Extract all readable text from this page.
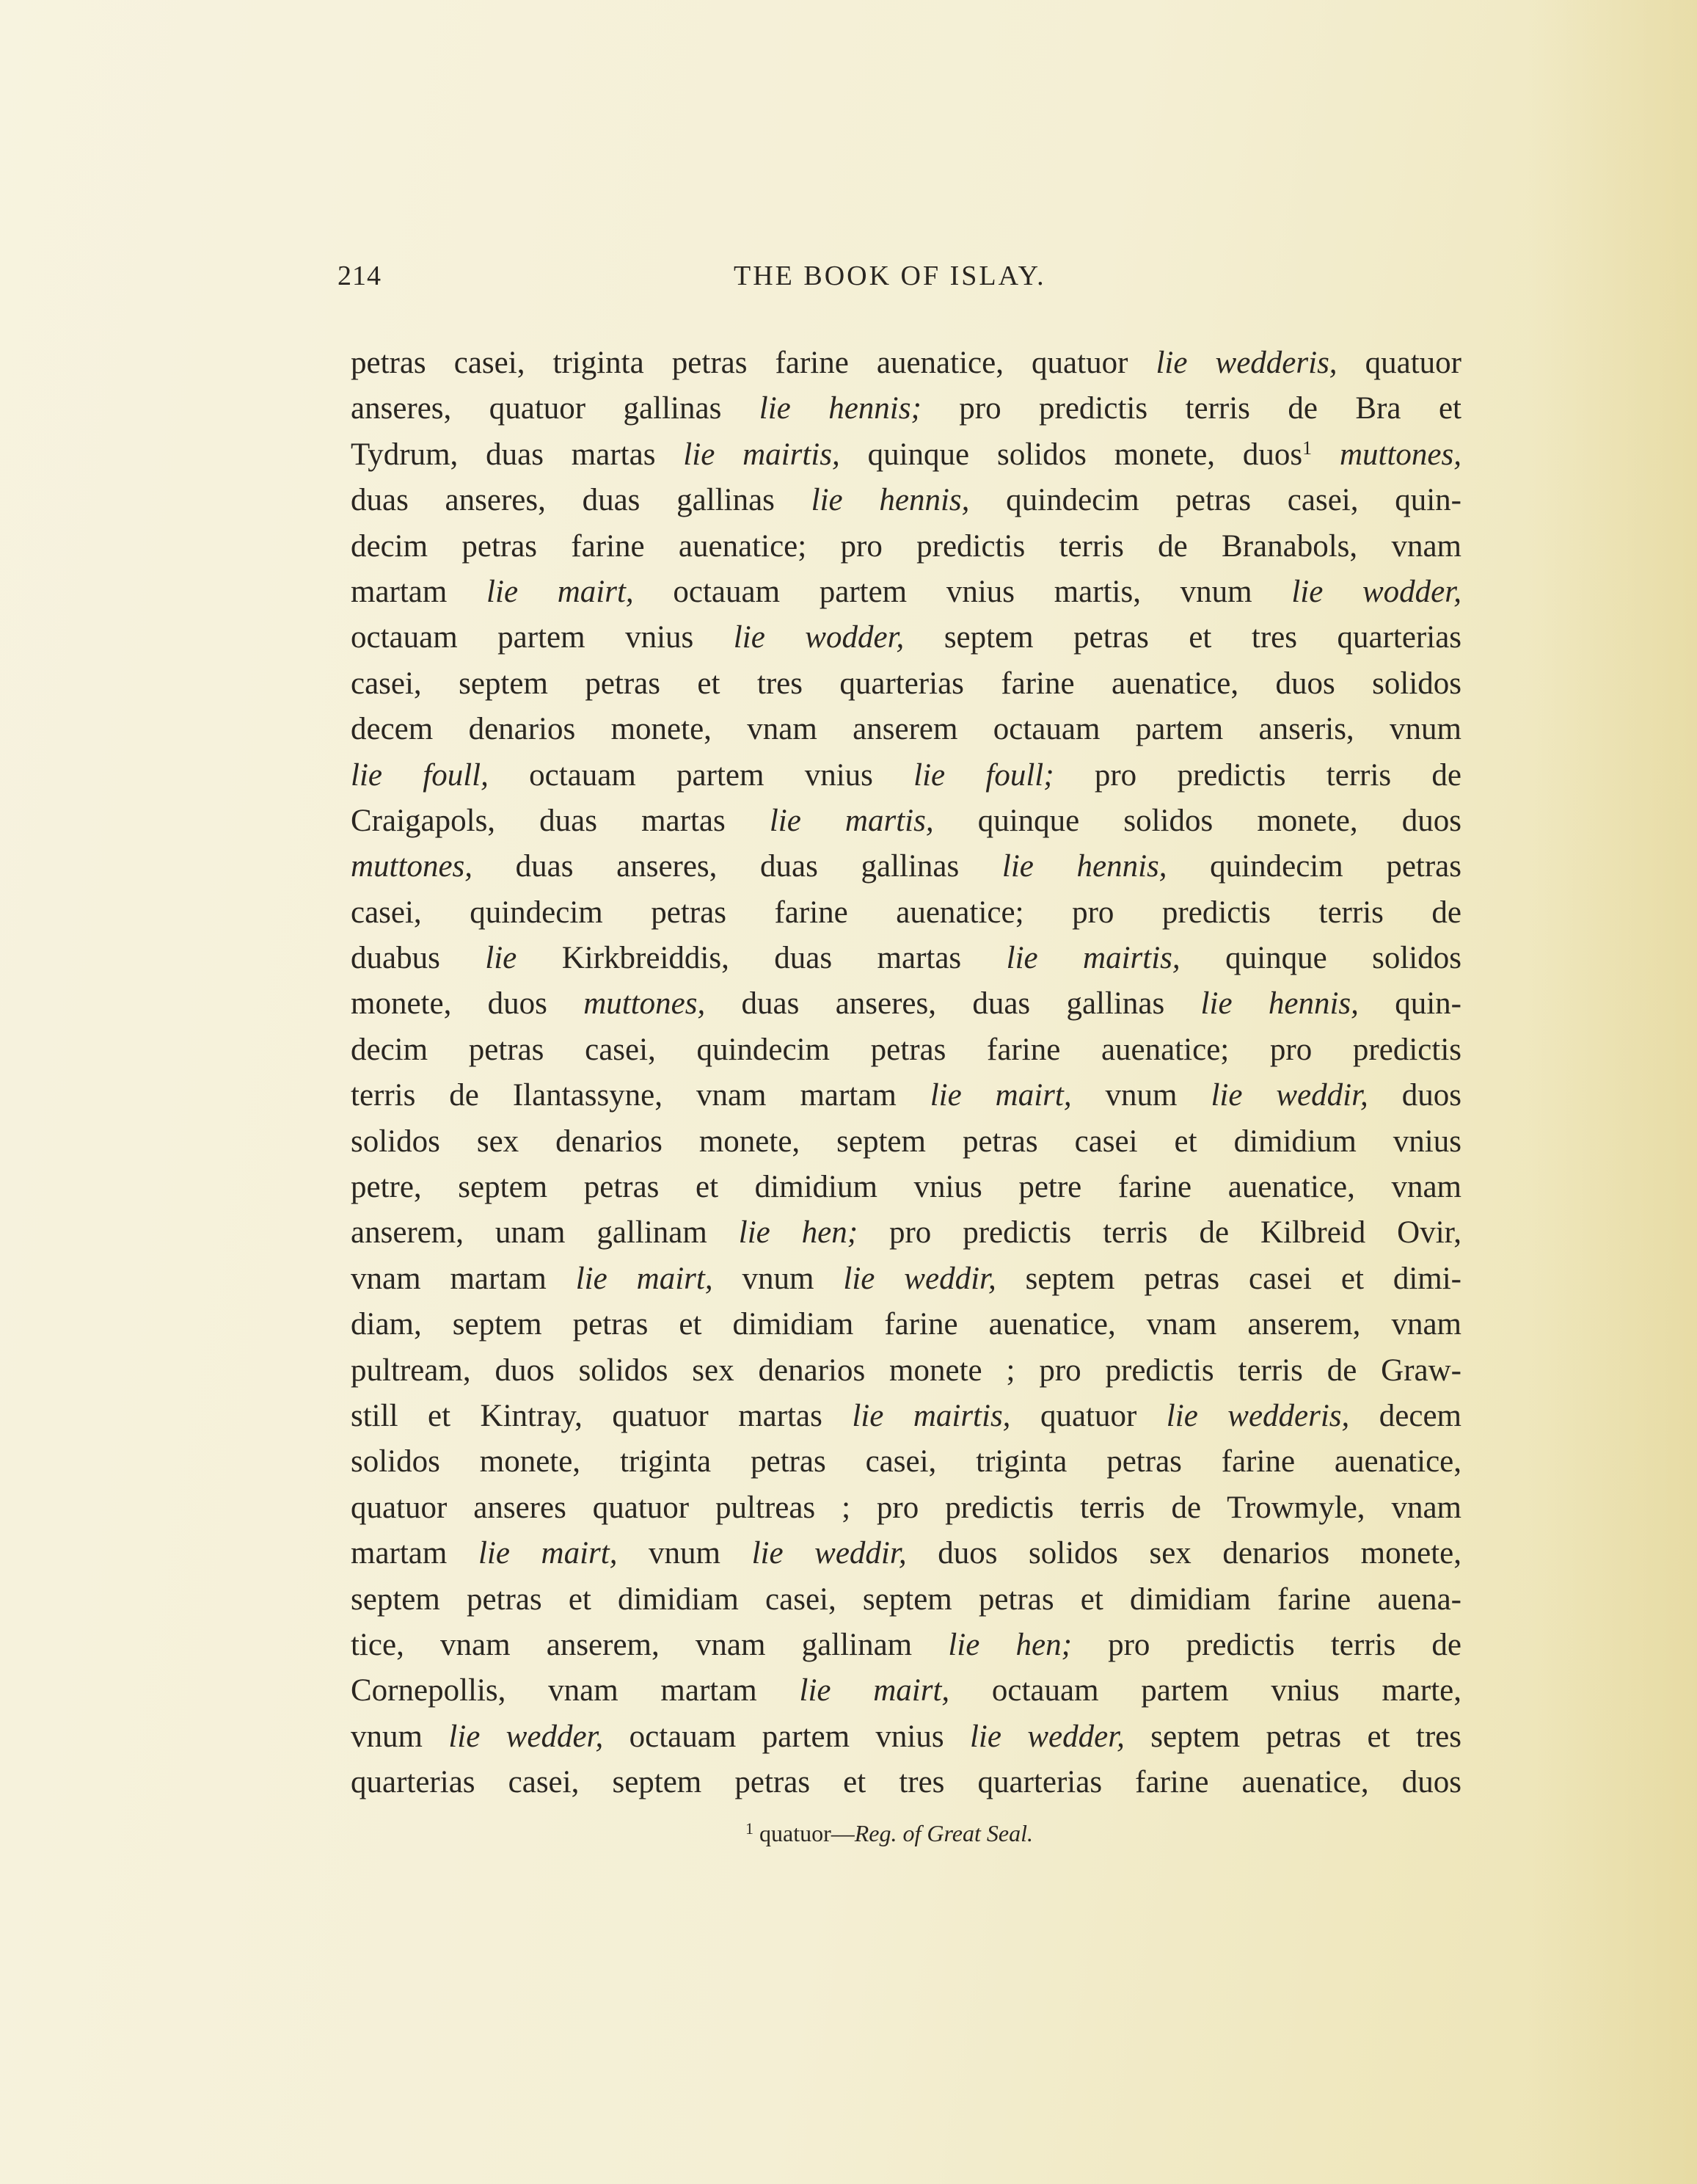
214	THE BOOK OF ISLAY.
petras casei, triginta petras farine auenatice, quatuor lie wedderis, quatuor
anseres, quatuor gallinas lie hennis; pro predictis terris de Bra et
Tydrum, duas martas lie mairtis, quinque solidos monete, duos$^1$ muttones,
duas anseres, duas gallinas lie hennis, quindecim petras casei, quin-
decim petras farine auenatice; pro predictis terris de Branabols, vnam
martam lie mairt, octauam partem vnius martis, vnum lie wodder,
octauam partem vnius lie wodder, septem petras et tres quarterias
casei, septem petras et tres quarterias farine auenatice, duos solidos
decem denarios monete, vnam anserem octauam partem anseris, vnum
lie foull, octauam partem vnius lie foull; pro predictis terris de
Craigapols, duas martas lie martis, quinque solidos monete, duos
muttones, duas anseres, duas gallinas lie hennis, quindecim petras
casei, quindecim petras farine auenatice; pro predictis terris de
duabus lie Kirkbreiddis, duas martas lie mairtis, quinque solidos
monete, duos muttones, duas anseres, duas gallinas lie hennis, quin-
decim petras casei, quindecim petras farine auenatice; pro predictis
terris de Ilantassyne, vnam martam lie mairt, vnum lie weddir, duos
solidos sex denarios monete, septem petras casei et dimidium vnius
petre, septem petras et dimidium vnius petre farine auenatice, vnam
anserem, unam gallinam lie hen; pro predictis terris de Kilbreid Ovir,
vnam martam lie mairt, vnum lie weddir, septem petras casei et dimi-
diam, septem petras et dimidiam farine auenatice, vnam anserem, vnam
pultream, duos solidos sex denarios monete ; pro predictis terris de Graw-
still et Kintray, quatuor martas lie mairtis, quatuor lie wedderis, decem
solidos monete, triginta petras casei, triginta petras farine auenatice,
quatuor anseres quatuor pultreas ; pro predictis terris de Trowmyle, vnam
martam lie mairt, vnum lie weddir, duos solidos sex denarios monete,
septem petras et dimidiam casei, septem petras et dimidiam farine auena-
tice, vnam anserem, vnam gallinam lie hen; pro predictis terris de
Cornepollis, vnam martam lie mairt, octauam partem vnius marte,
vnum lie wedder, octauam partem vnius lie wedder, septem petras et tres
quarterias casei, septem petras et tres quarterias farine auenatice, duos
$^1$ quatuor—Reg. of Great Seal.
